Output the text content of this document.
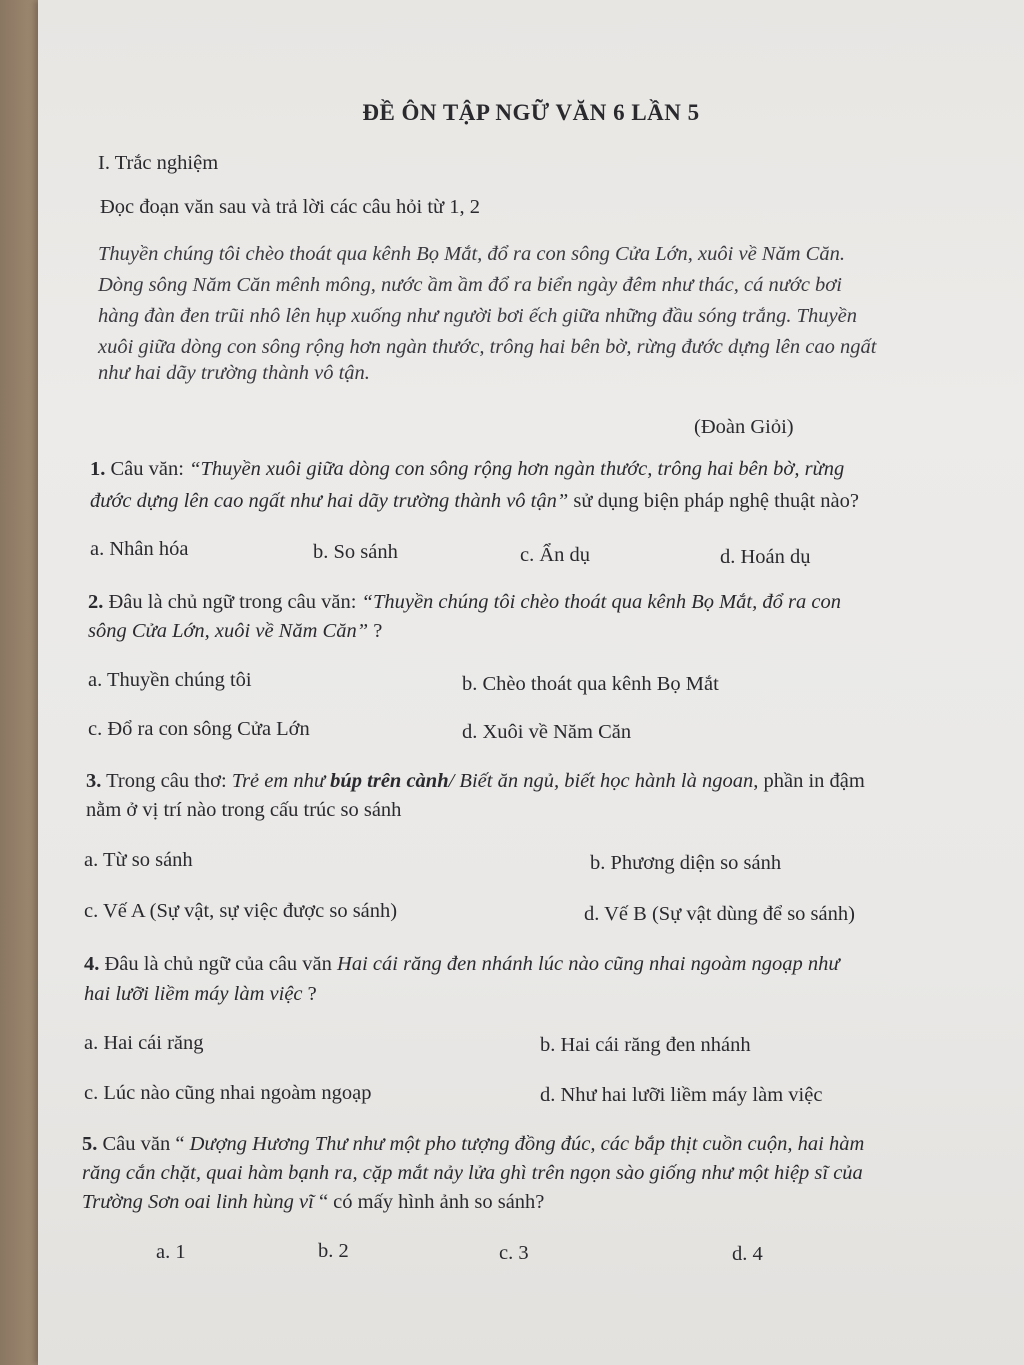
ĐỀ ÔN TẬP NGỮ VĂN 6 LẦN 5
I. Trắc nghiệm
Đọc đoạn văn sau và trả lời các câu hỏi từ 1, 2
Thuyền chúng tôi chèo thoát qua kênh Bọ Mắt, đổ ra con sông Cửa Lớn, xuôi về Năm Căn.
Dòng sông Năm Căn mênh mông, nước ầm ầm đổ ra biển ngày đêm như thác, cá nước bơi
hàng đàn đen trũi nhô lên hụp xuống như người bơi ếch giữa những đầu sóng trắng. Thuyền
xuôi giữa dòng con sông rộng hơn ngàn thước, trông hai bên bờ, rừng đước dựng lên cao ngất
như hai dãy trường thành vô tận.
(Đoàn Giỏi)
1. Câu văn: “Thuyền xuôi giữa dòng con sông rộng hơn ngàn thước, trông hai bên bờ, rừng
đước dựng lên cao ngất như hai dãy trường thành vô tận” sử dụng biện pháp nghệ thuật nào?
a. Nhân hóa	b. So sánh	c. Ẩn dụ	d. Hoán dụ
2. Đâu là chủ ngữ trong câu văn: “Thuyền chúng tôi chèo thoát qua kênh Bọ Mắt, đổ ra con
sông Cửa Lớn, xuôi về Năm Căn” ?
a. Thuyền chúng tôi	b. Chèo thoát qua kênh Bọ Mắt
c. Đổ ra con sông Cửa Lớn	d. Xuôi về Năm Căn
3. Trong câu thơ: Trẻ em như búp trên cành/ Biết ăn ngủ, biết học hành là ngoan, phần in đậm
nằm ở vị trí nào trong cấu trúc so sánh
a. Từ so sánh	b. Phương diện so sánh
c. Vế A (Sự vật, sự việc được so sánh)	d. Vế B (Sự vật dùng để so sánh)
4. Đâu là chủ ngữ của câu văn Hai cái răng đen nhánh lúc nào cũng nhai ngoàm ngoạp như
hai lưỡi liềm máy làm việc ?
a. Hai cái răng	b. Hai cái răng đen nhánh
c. Lúc nào cũng nhai ngoàm ngoạp	d. Như hai lưỡi liềm máy làm việc
5. Câu văn “ Dượng Hương Thư như một pho tượng đồng đúc, các bắp thịt cuồn cuộn, hai hàm
răng cắn chặt, quai hàm bạnh ra, cặp mắt nảy lửa ghì trên ngọn sào giống như một hiệp sĩ của
Trường Sơn oai linh hùng vĩ “ có mấy hình ảnh so sánh?
a. 1	b. 2	c. 3	d. 4
